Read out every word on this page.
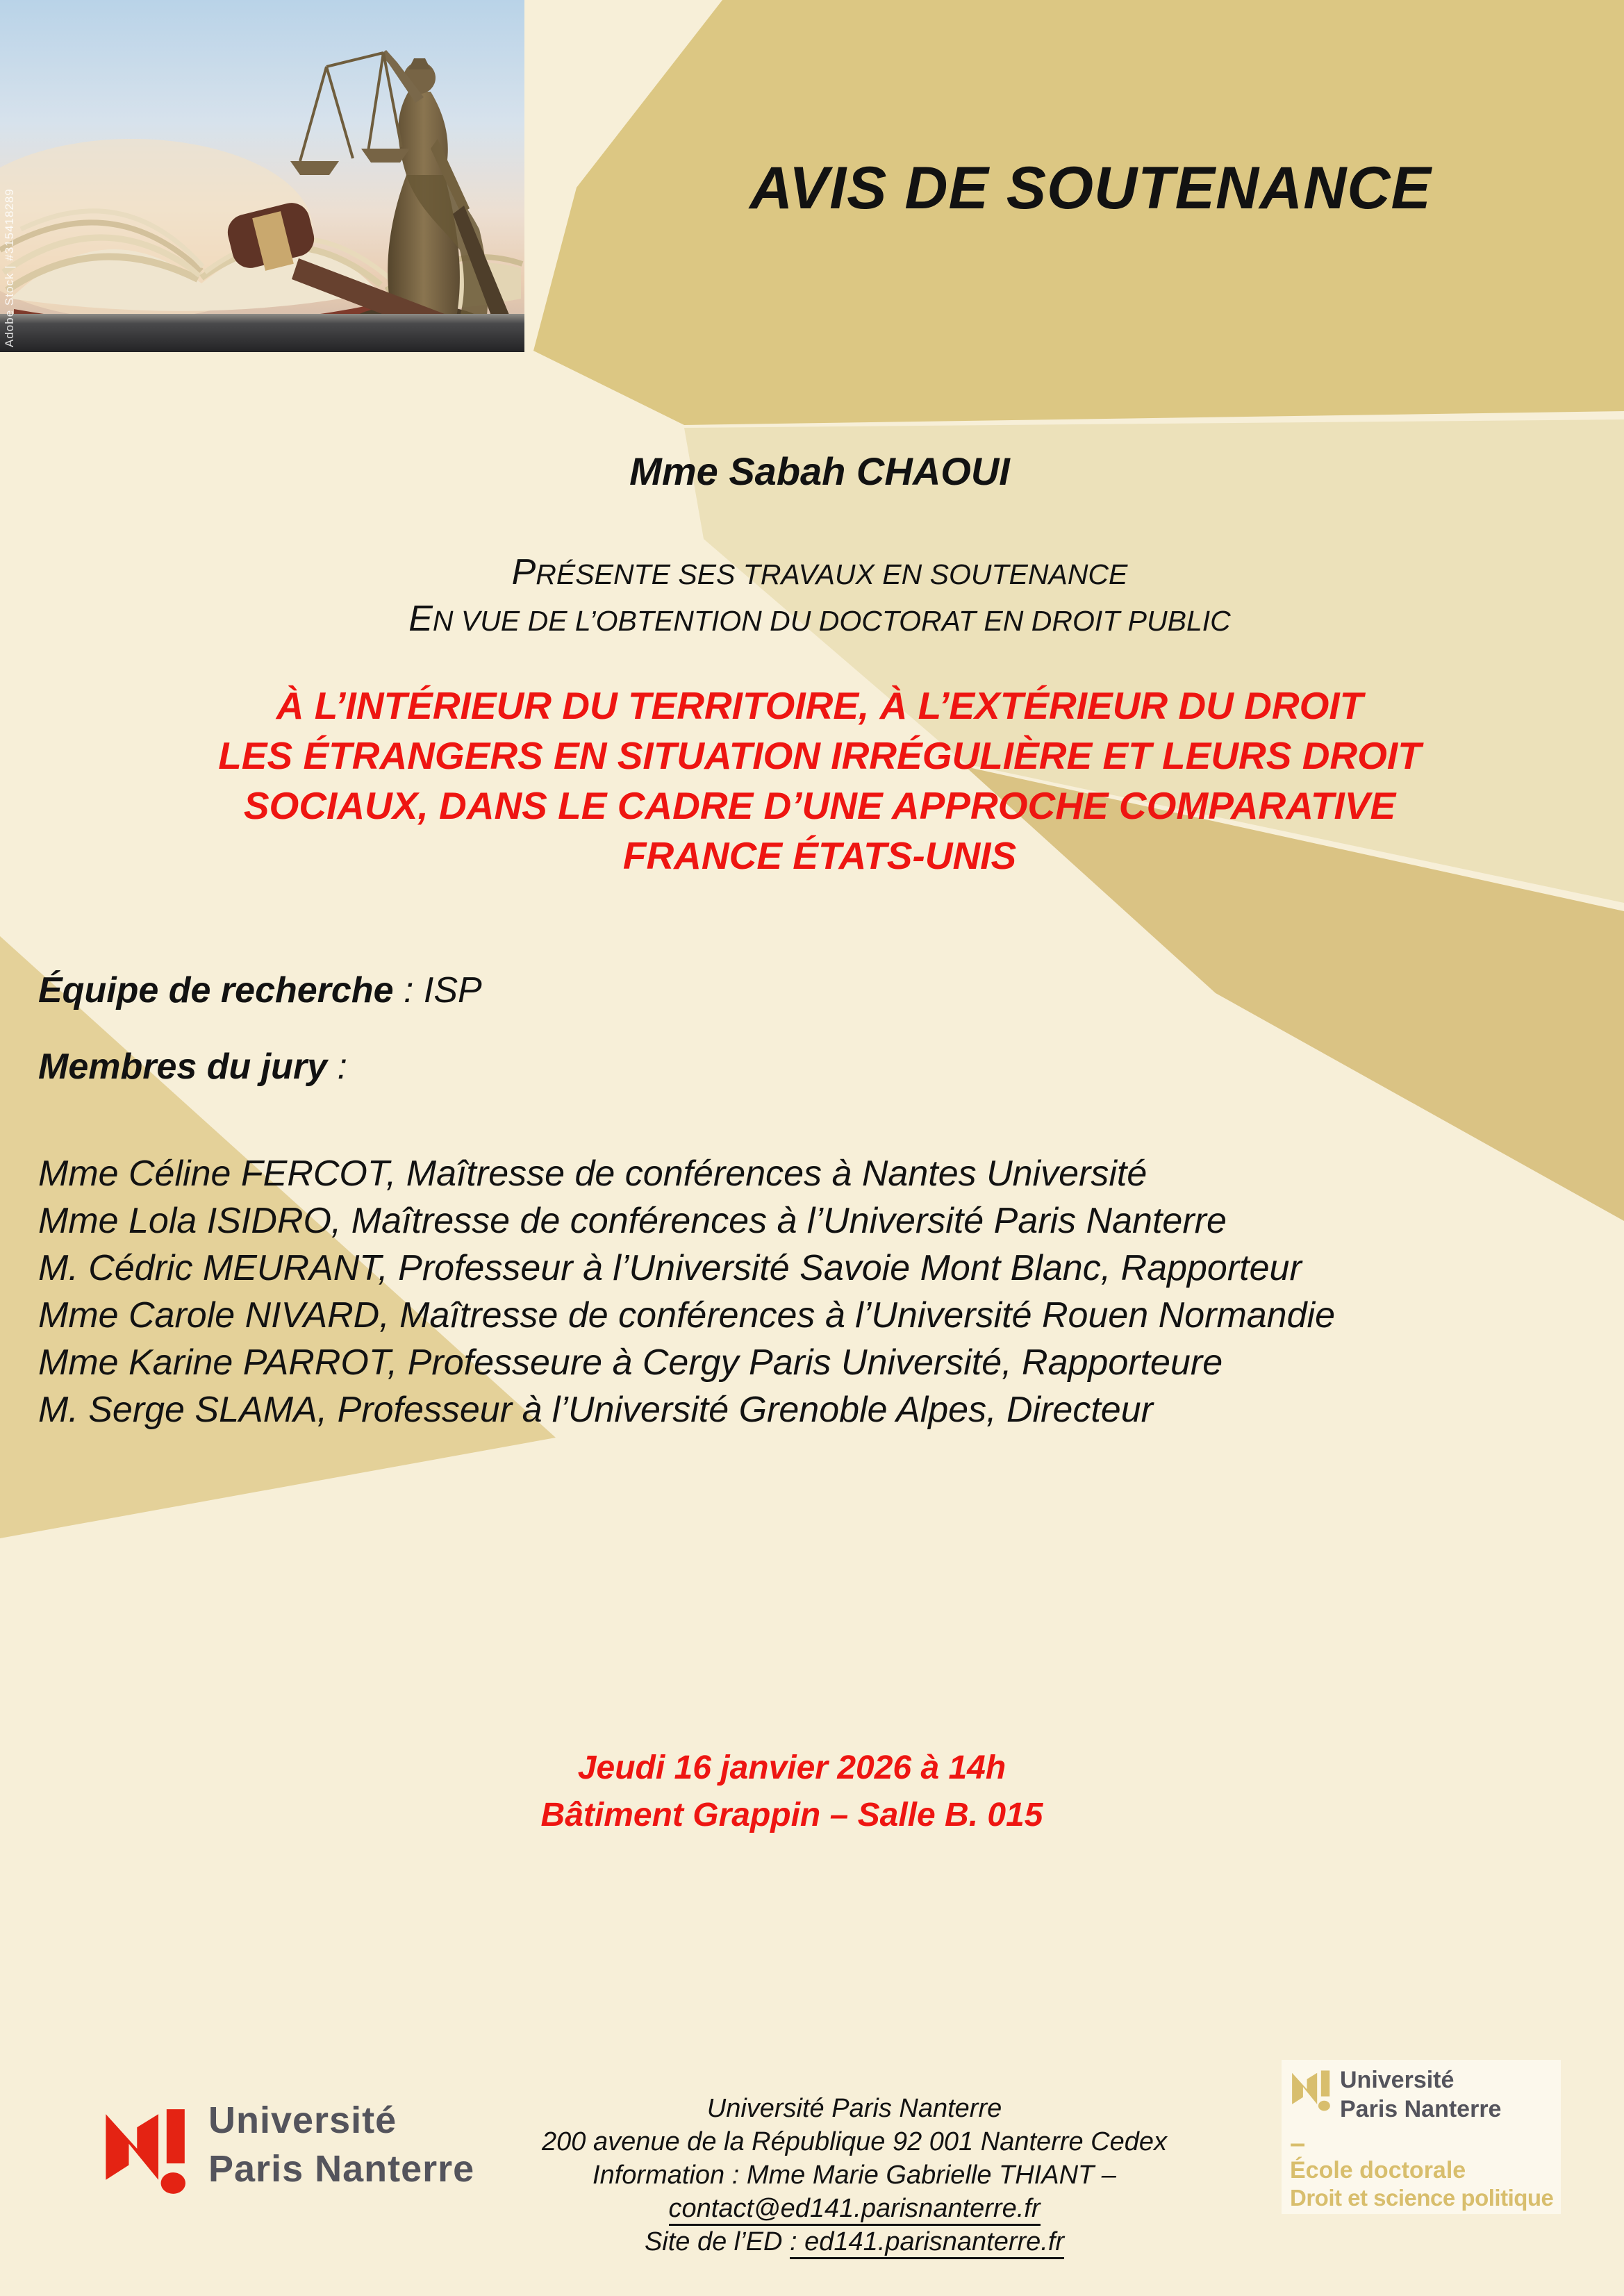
Adobe Stock | #315418289
AVIS DE SOUTENANCE
Mme Sabah CHAOUI
PRÉSENTE SES TRAVAUX EN SOUTENANCE
EN VUE DE L’OBTENTION DU DOCTORAT EN DROIT PUBLIC
À L’INTÉRIEUR DU TERRITOIRE, À L’EXTÉRIEUR DU DROIT
LES ÉTRANGERS EN SITUATION IRRÉGULIÈRE ET LEURS DROIT
SOCIAUX, DANS LE CADRE D’UNE APPROCHE COMPARATIVE
FRANCE ÉTATS-UNIS
Équipe de recherche : ISP
Membres du jury :
Mme Céline FERCOT, Maîtresse de conférences à Nantes Université
Mme Lola ISIDRO, Maîtresse de conférences à l’Université Paris Nanterre
M. Cédric MEURANT, Professeur à l’Université Savoie Mont Blanc, Rapporteur
Mme Carole NIVARD, Maîtresse de conférences à l’Université Rouen Normandie
Mme Karine PARROT, Professeure à Cergy Paris Université, Rapporteure
M. Serge SLAMA, Professeur à l’Université Grenoble Alpes, Directeur
Jeudi 16 janvier 2026 à 14h
Bâtiment Grappin – Salle B. 015
Université Paris Nanterre
200 avenue de la République 92 001 Nanterre Cedex
Information : Mme Marie Gabrielle THIANT –
contact@ed141.parisnanterre.fr
Site de l’ED : ed141.parisnanterre.fr
Université
Paris Nanterre
Université
Paris Nanterre
–
École doctorale
Droit et science politique
